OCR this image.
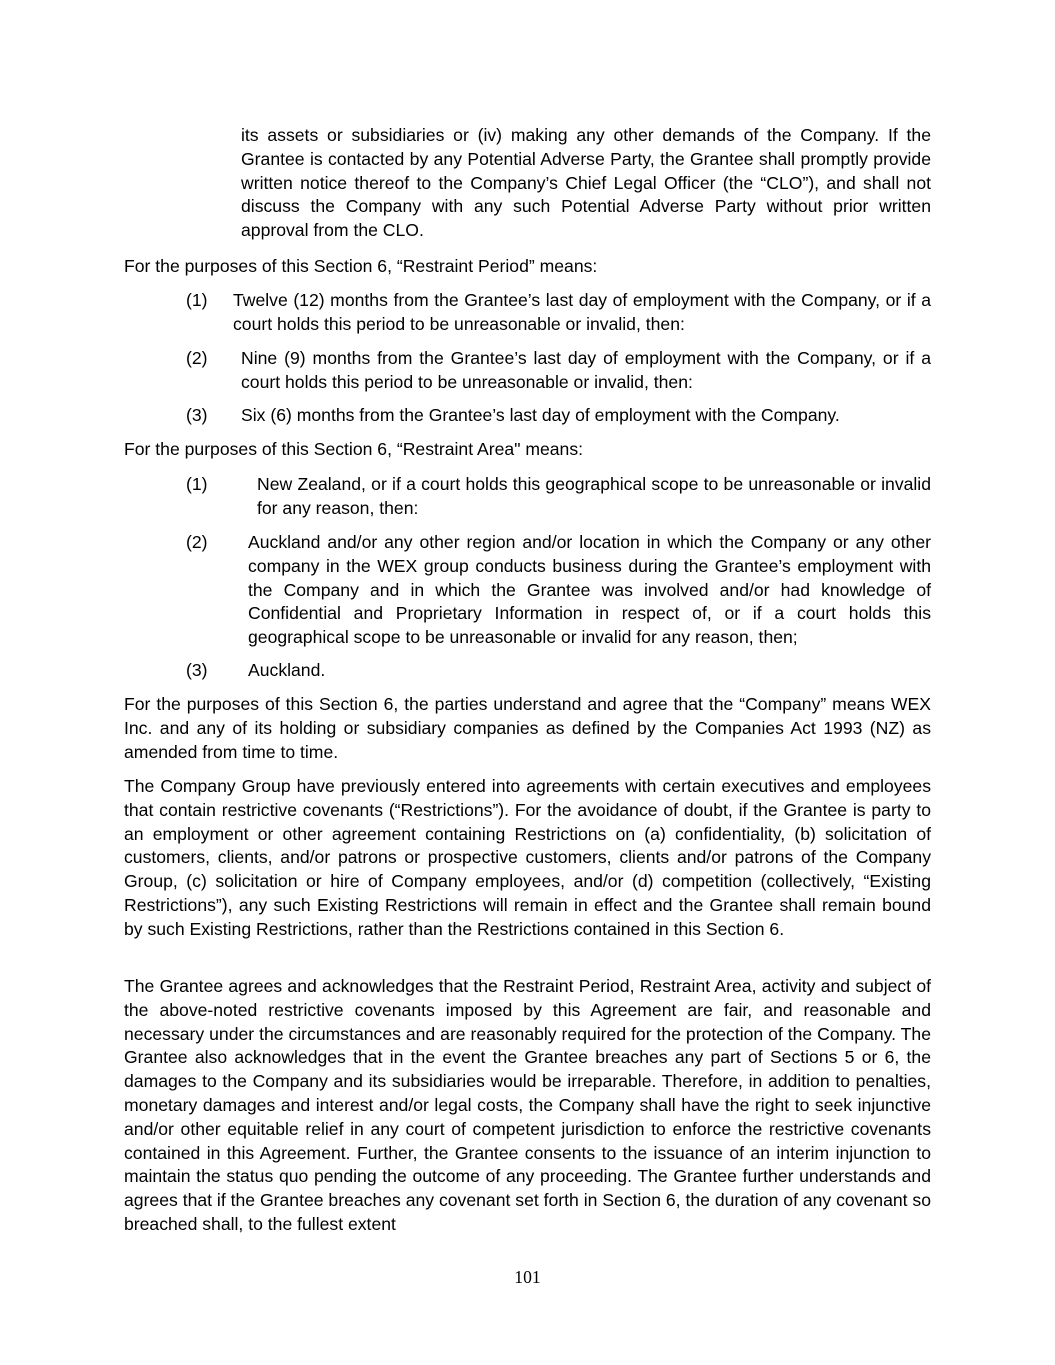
its assets or subsidiaries or (iv) making any other demands of the Company. If the Grantee is contacted by any Potential Adverse Party, the Grantee shall promptly provide written notice thereof to the Company’s Chief Legal Officer (the “CLO”), and shall not discuss the Company with any such Potential Adverse Party without prior written approval from the CLO.
For the purposes of this Section 6, “Restraint Period” means:
(1) Twelve (12) months from the Grantee’s last day of employment with the Company, or if a court holds this period to be unreasonable or invalid, then:
(2) Nine (9) months from the Grantee’s last day of employment with the Company, or if a court holds this period to be unreasonable or invalid, then:
(3) Six (6) months from the Grantee’s last day of employment with the Company.
For the purposes of this Section 6, “Restraint Area" means:
(1)	New Zealand, or if a court holds this geographical scope to be unreasonable or invalid for any reason, then:
(2) Auckland and/or any other region and/or location in which the Company or any other company in the WEX group conducts business during the Grantee’s employment with the Company and in which the Grantee was involved and/or had knowledge of Confidential and Proprietary Information in respect of, or if a court holds this geographical scope to be unreasonable or invalid for any reason, then;
(3) Auckland.
For the purposes of this Section 6, the parties understand and agree that the “Company” means WEX Inc. and any of its holding or subsidiary companies as defined by the Companies Act 1993 (NZ) as amended from time to time.
The Company Group have previously entered into agreements with certain executives and employees that contain restrictive covenants (“Restrictions”). For the avoidance of doubt, if the Grantee is party to an employment or other agreement containing Restrictions on (a) confidentiality, (b) solicitation of customers, clients, and/or patrons or prospective customers, clients and/or patrons of the Company Group, (c) solicitation or hire of Company employees, and/or (d) competition (collectively, “Existing Restrictions”), any such Existing Restrictions will remain in effect and the Grantee shall remain bound by such Existing Restrictions, rather than the Restrictions contained in this Section 6.
The Grantee agrees and acknowledges that the Restraint Period, Restraint Area, activity and subject of the above-noted restrictive covenants imposed by this Agreement are fair, and reasonable and necessary under the circumstances and are reasonably required for the protection of the Company. The Grantee also acknowledges that in the event the Grantee breaches any part of Sections 5 or 6, the damages to the Company and its subsidiaries would be irreparable. Therefore, in addition to penalties, monetary damages and interest and/or legal costs, the Company shall have the right to seek injunctive and/or other equitable relief in any court of competent jurisdiction to enforce the restrictive covenants contained in this Agreement. Further, the Grantee consents to the issuance of an interim injunction to maintain the status quo pending the outcome of any proceeding. The Grantee further understands and agrees that if the Grantee breaches any covenant set forth in Section 6, the duration of any covenant so breached shall, to the fullest extent
101
